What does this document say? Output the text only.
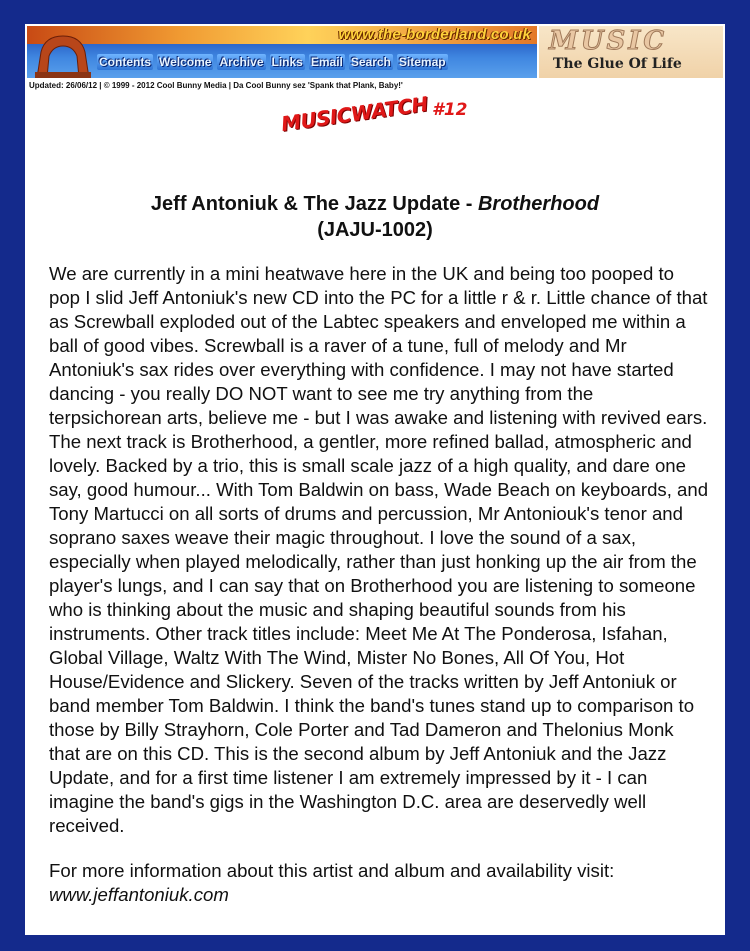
www.the-borderland.co.uk
Contents Welcome Archive Links Email Search Sitemap
MUSIC
The Glue Of Life
Updated: 26/06/12 | © 1999 - 2012 Cool Bunny Media | Da Cool Bunny sez 'Spank that Plank, Baby!'
MUSICWATCH #12
Jeff Antoniuk & The Jazz Update - Brotherhood
(JAJU-1002)
We are currently in a mini heatwave here in the UK and being too pooped to pop I slid Jeff Antoniuk's new CD into the PC for a little r & r. Little chance of that as Screwball exploded out of the Labtec speakers and enveloped me within a ball of good vibes. Screwball is a raver of a tune, full of melody and Mr Antoniuk's sax rides over everything with confidence. I may not have started dancing - you really DO NOT want to see me try anything from the terpsichorean arts, believe me - but I was awake and listening with revived ears. The next track is Brotherhood, a gentler, more refined ballad, atmospheric and lovely. Backed by a trio, this is small scale jazz of a high quality, and dare one say, good humour... With Tom Baldwin on bass, Wade Beach on keyboards, and Tony Martucci on all sorts of drums and percussion, Mr Antoniouk's tenor and soprano saxes weave their magic throughout. I love the sound of a sax, especially when played melodically, rather than just honking up the air from the player's lungs, and I can say that on Brotherhood you are listening to someone who is thinking about the music and shaping beautiful sounds from his instruments. Other track titles include: Meet Me At The Ponderosa, Isfahan, Global Village, Waltz With The Wind, Mister No Bones, All Of You, Hot House/Evidence and Slickery. Seven of the tracks written by Jeff Antoniuk or band member Tom Baldwin. I think the band's tunes stand up to comparison to those by Billy Strayhorn, Cole Porter and Tad Dameron and Thelonius Monk that are on this CD. This is the second album by Jeff Antoniuk and the Jazz Update, and for a first time listener I am extremely impressed by it - I can imagine the band's gigs in the Washington D.C. area are deservedly well received.
For more information about this artist and album and availability visit:
www.jeffantoniuk.com
